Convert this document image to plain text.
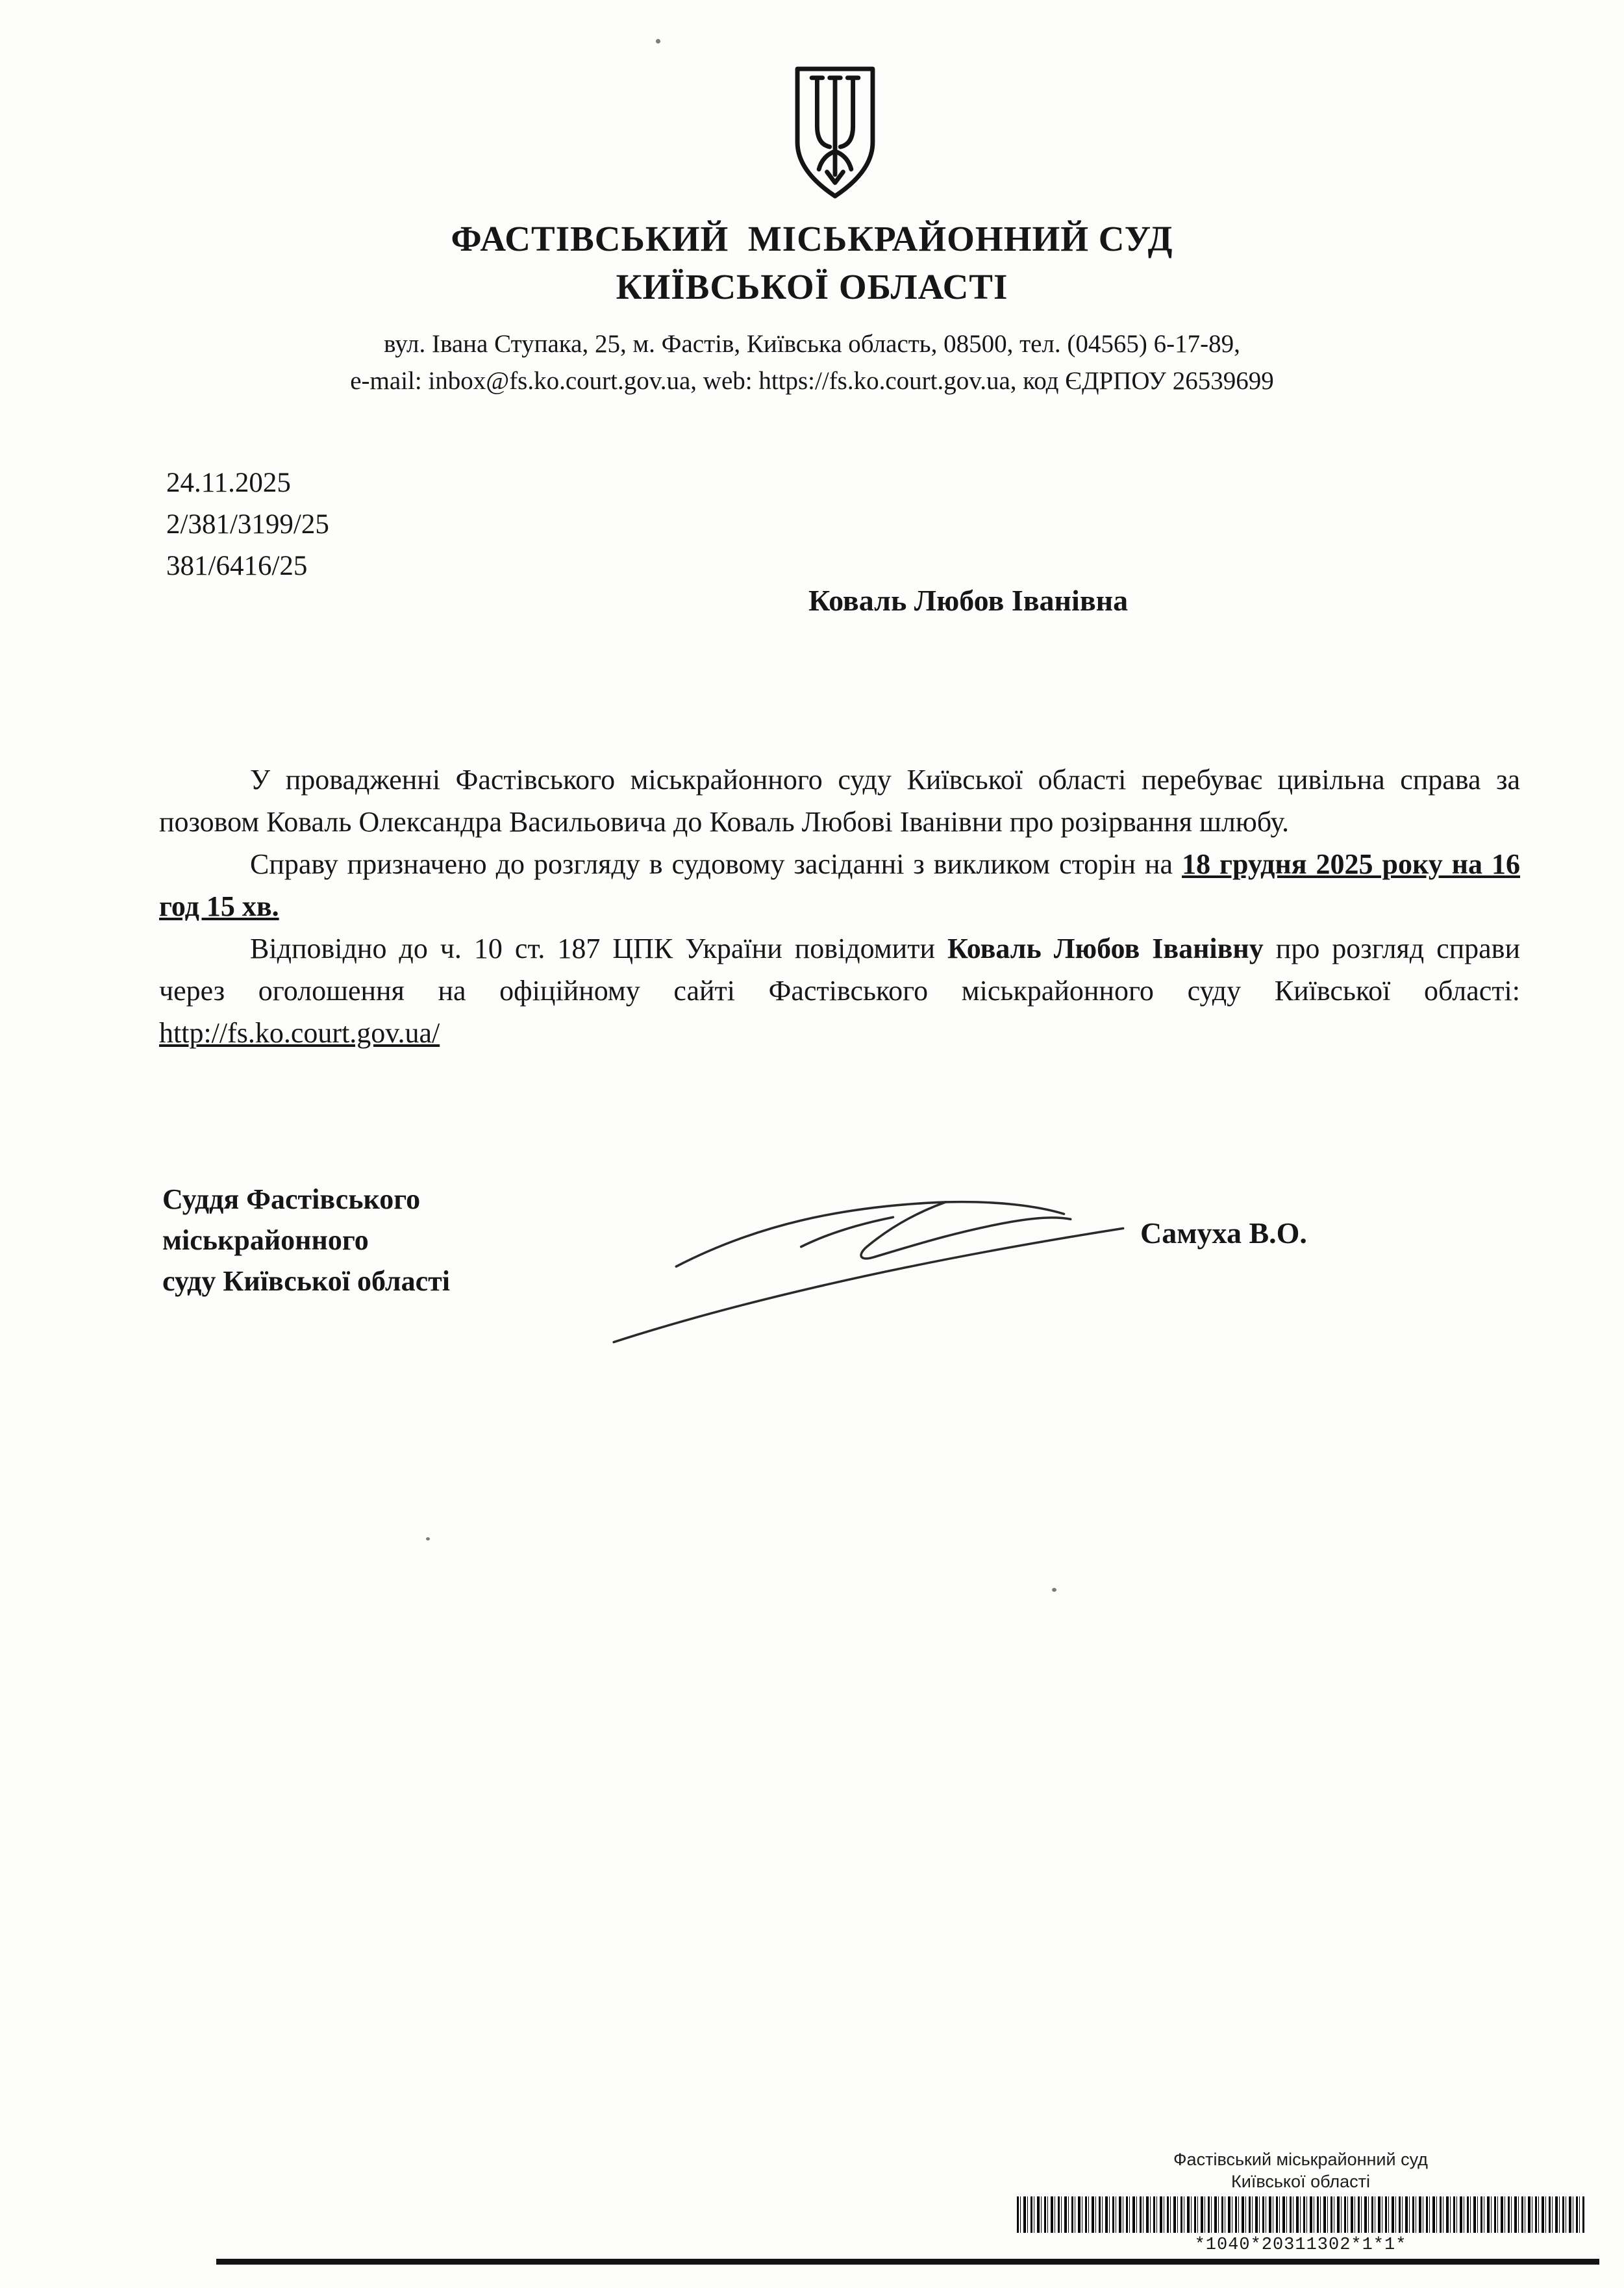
ФАСТІВСЬКИЙ  МІСЬКРАЙОННИЙ СУД
КИЇВСЬКОЇ ОБЛАСТІ
вул. Івана Ступака, 25, м. Фастів, Київська область, 08500, тел. (04565) 6-17-89,
e-mail: inbox@fs.ko.court.gov.ua, web: https://fs.ko.court.gov.ua, код ЄДРПОУ 26539699
24.11.2025
2/381/3199/25
381/6416/25
Коваль Любов Іванівна

У провадженні Фастівського міськрайонного суду Київської області перебуває цивільна справа за позовом Коваль Олександра Васильовича до Коваль Любові Іванівни про розірвання шлюбу.

Справу призначено до розгляду в судовому засіданні з викликом сторін на 18 грудня 2025 року на 16 год 15 хв.

Відповідно до ч. 10 ст. 187 ЦПК України повідомити Коваль Любов Іванівну про розгляд справи через оголошення на офіційному сайті Фастівського міськрайонного суду Київської області: http://fs.ko.court.gov.ua/

Суддя Фастівського
міськрайонного
суду Київської області
Самуха В.О.
Фастівський міськрайонний суд
Київської області
*1040*20311302*1*1*
